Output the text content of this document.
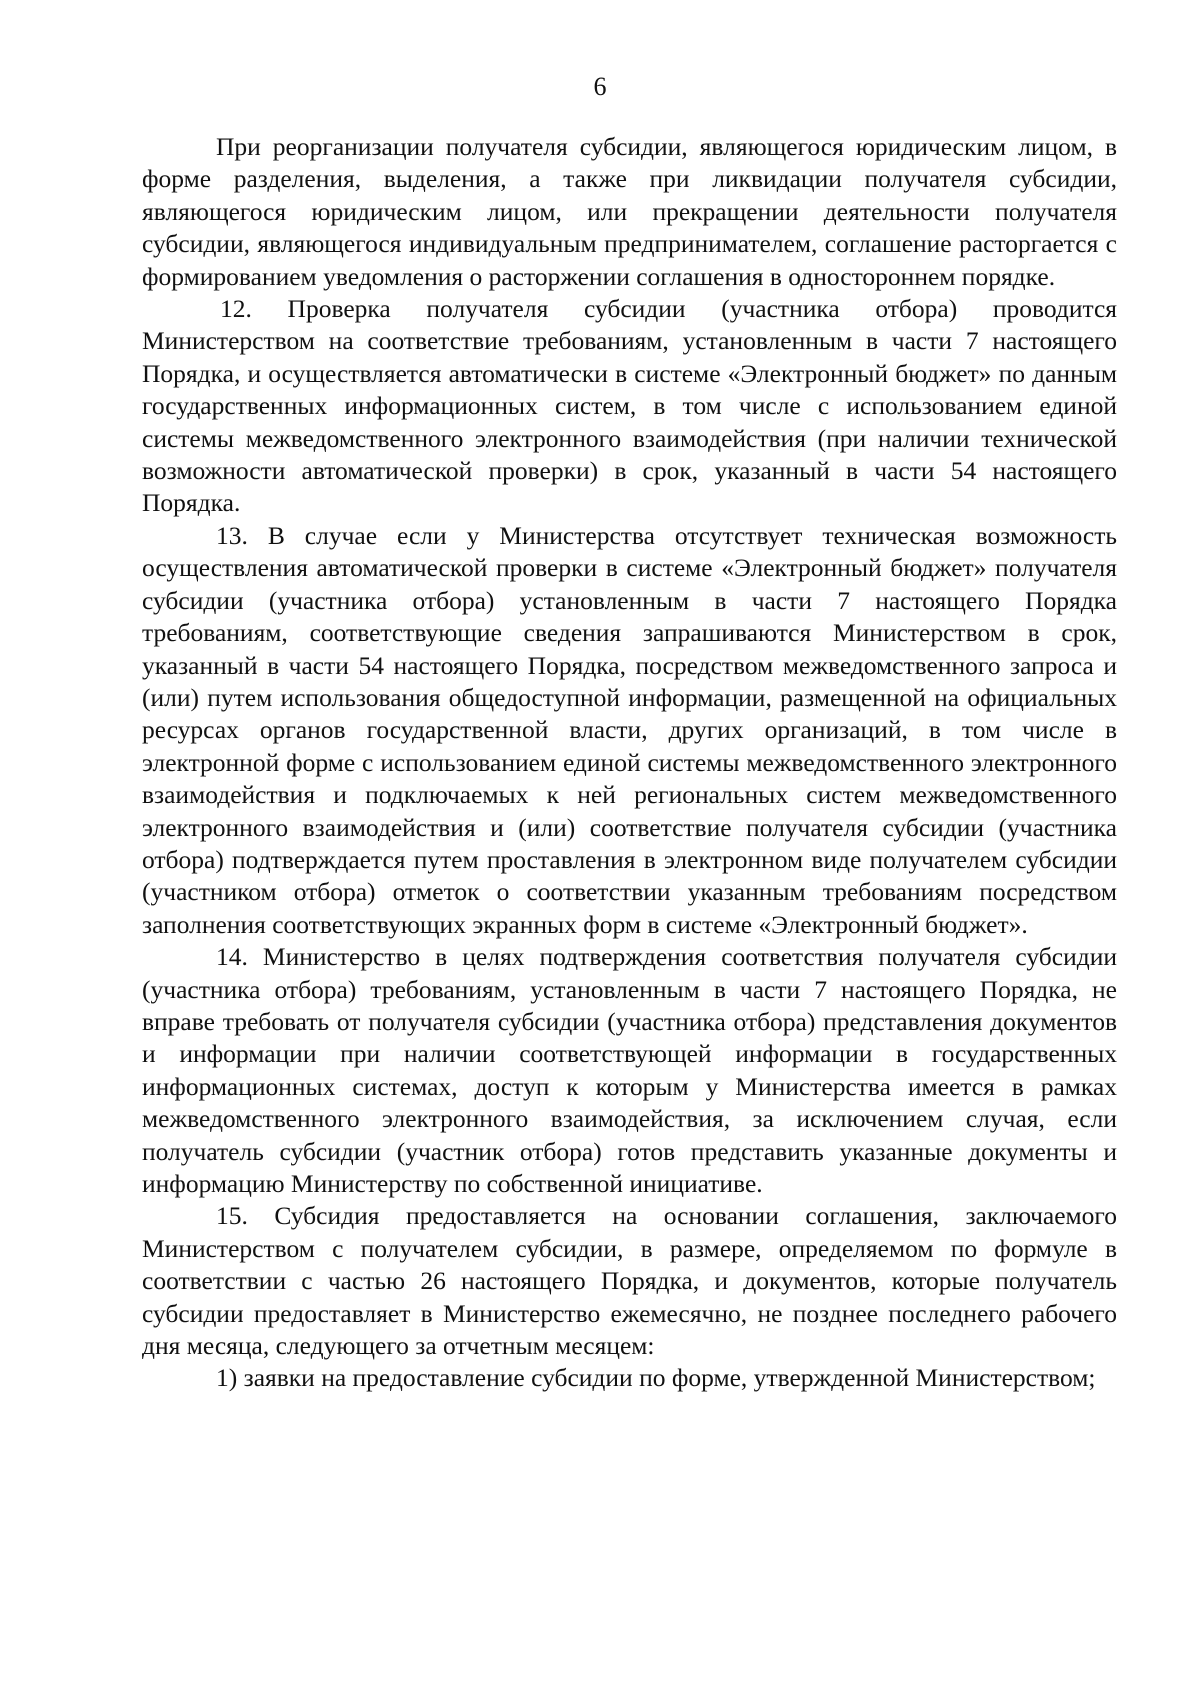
6

При реорганизации получателя субсидии, являющегося юридическим лицом, в форме разделения, выделения, а также при ликвидации получателя субсидии, являющегося юридическим лицом, или прекращении деятельности получателя субсидии, являющегося индивидуальным предпринимателем, соглашение расторгается с формированием уведомления о расторжении соглашения в одностороннем порядке.

12. Проверка получателя субсидии (участника отбора) проводится Министерством на соответствие требованиям, установленным в части 7 настоящего Порядка, и осуществляется автоматически в системе «Электронный бюджет» по данным государственных информационных систем, в том числе с использованием единой системы межведомственного электронного взаимодействия (при наличии технической возможности автоматической проверки) в срок, указанный в части 54 настоящего Порядка.

13. В случае если у Министерства отсутствует техническая возможность осуществления автоматической проверки в системе «Электронный бюджет» получателя субсидии (участника отбора) установленным в части 7 настоящего Порядка требованиям, соответствующие сведения запрашиваются Министерством в срок, указанный в части 54 настоящего Порядка, посредством межведомственного запроса и (или) путем использования общедоступной информации, размещенной на официальных ресурсах органов государственной власти, других организаций, в том числе в электронной форме с использованием единой системы межведомственного электронного взаимодействия и подключаемых к ней региональных систем межведомственного электронного взаимодействия и (или) соответствие получателя субсидии (участника отбора) подтверждается путем проставления в электронном виде получателем субсидии (участником отбора) отметок о соответствии указанным требованиям посредством заполнения соответствующих экранных форм в системе «Электронный бюджет».

14. Министерство в целях подтверждения соответствия получателя субсидии (участника отбора) требованиям, установленным в части 7 настоящего Порядка, не вправе требовать от получателя субсидии (участника отбора) представления документов и информации при наличии соответствующей информации в государственных информационных системах, доступ к которым у Министерства имеется в рамках межведомственного электронного взаимодействия, за исключением случая, если получатель субсидии (участник отбора) готов представить указанные документы и информацию Министерству по собственной инициативе.

15. Субсидия предоставляется на основании соглашения, заключаемого Министерством с получателем субсидии, в размере, определяемом по формуле в соответствии с частью 26 настоящего Порядка, и документов, которые получатель субсидии предоставляет в Министерство ежемесячно, не позднее последнего рабочего дня месяца, следующего за отчетным месяцем:

1) заявки на предоставление субсидии по форме, утвержденной Министерством;
